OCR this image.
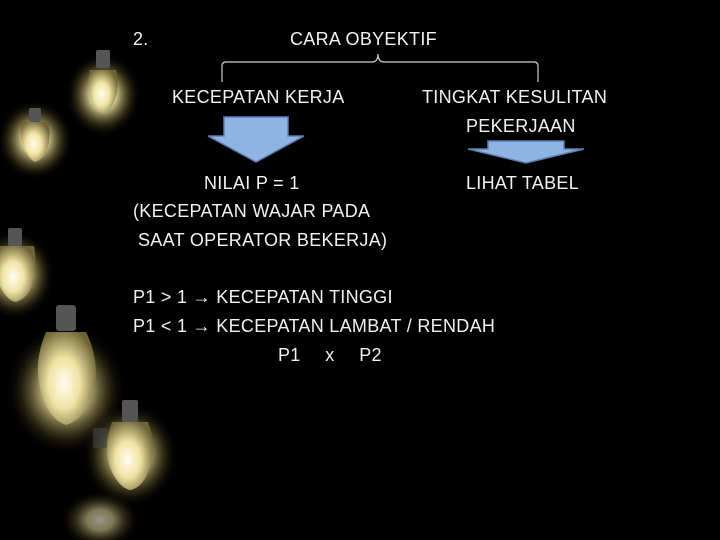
2.	CARA OBYEKTIF
KECEPATAN KERJA	TINGKAT KESULITAN
PEKERJAAN
NILAI P = 1
(KECEPATAN WAJAR PADA
SAAT OPERATOR BEKERJA)
LIHAT TABEL
P1 > 1 → KECEPATAN TINGGI
P1 < 1 → KECEPATAN LAMBAT / RENDAH
P1 x P2
